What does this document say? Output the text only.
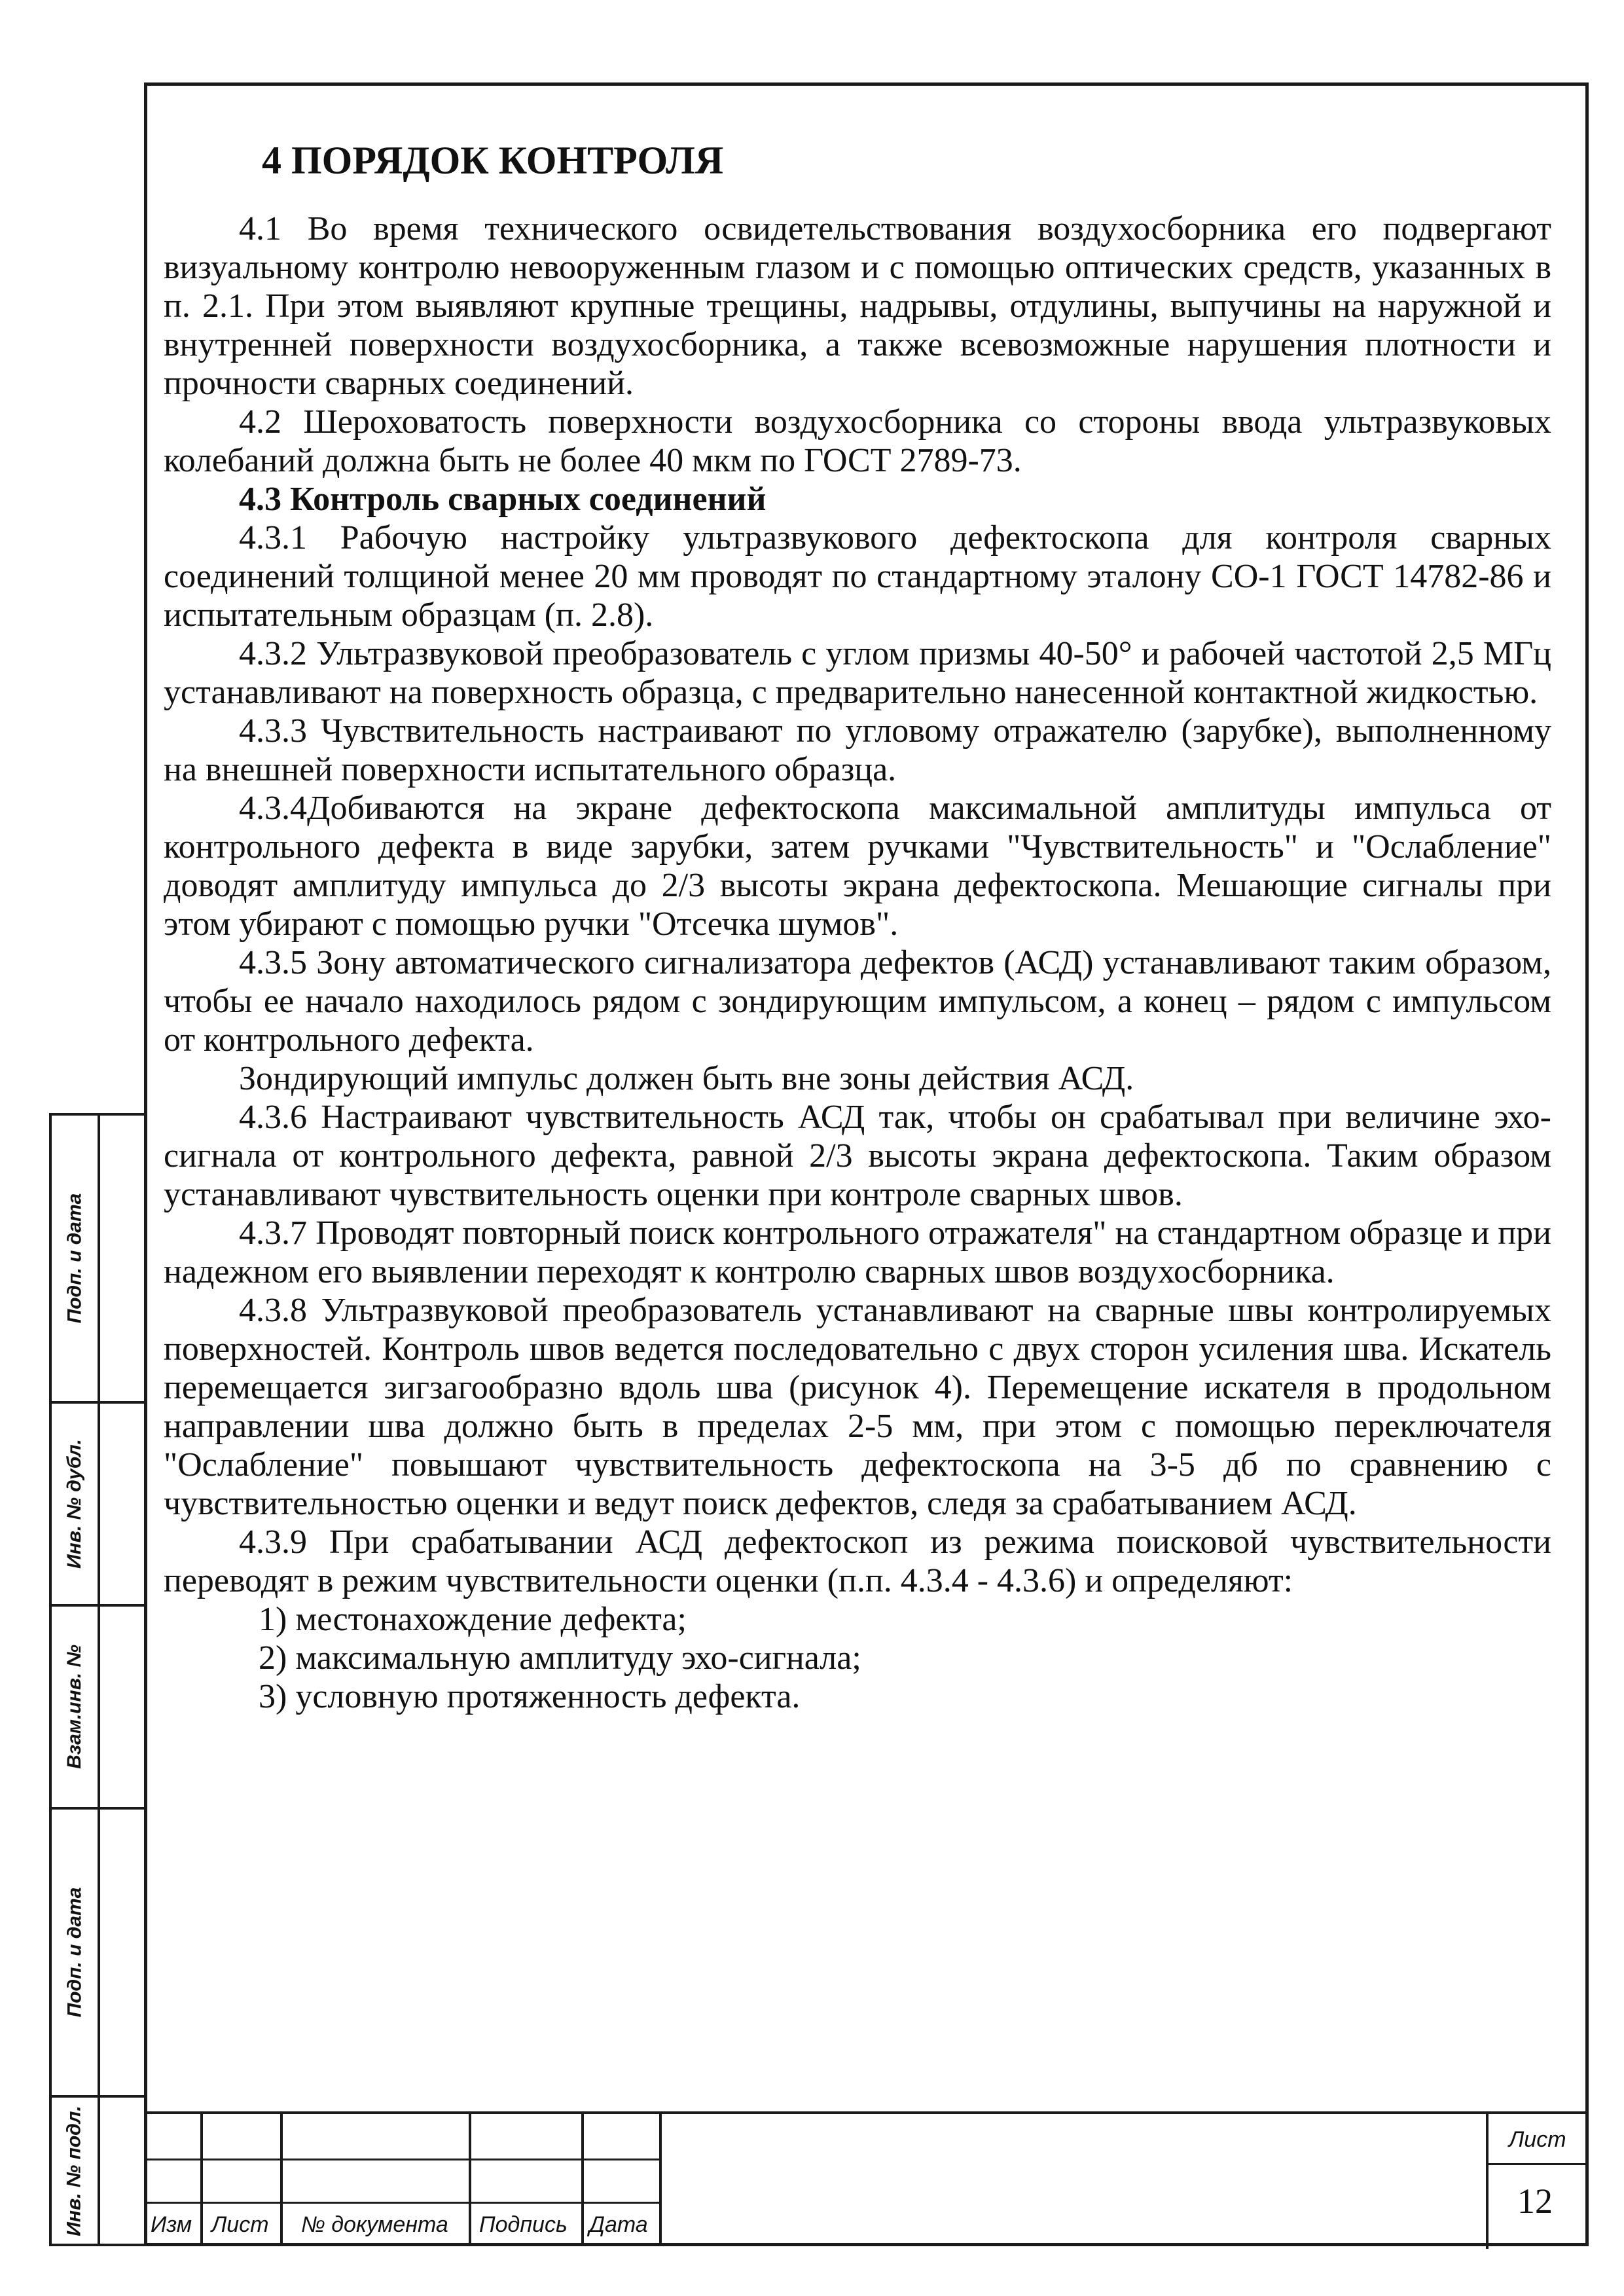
4 ПОРЯДОК КОНТРОЛЯ

4.1 Во время технического освидетельствования воздухосборника его подвергают визуальному контролю невооруженным глазом и с помощью оптических средств, указанных в п. 2.1. При этом выявляют крупные трещины, надрывы, отдулины, выпучины на наружной и внутренней поверхности воздухосборника, а также всевозможные нарушения плотности и прочности сварных соединений.

4.2 Шероховатость поверхности воздухосборника со стороны ввода ультразвуковых колебаний должна быть не более 40 мкм по ГОСТ 2789-73.

4.3 Контроль сварных соединений

4.3.1 Рабочую настройку ультразвукового дефектоскопа для контроля сварных соединений толщиной менее 20 мм проводят по стандартному эталону СО-1 ГОСТ 14782-86 и испытательным образцам (п. 2.8).

4.3.2 Ультразвуковой преобразователь с углом призмы 40-50° и рабочей частотой 2,5 МГц устанавливают на поверхность образца, с предварительно нанесенной контактной жидкостью.

4.3.3 Чувствительность настраивают по угловому отражателю (зарубке), выполненному на внешней поверхности испытательного образца.

4.3.4Добиваются на экране дефектоскопа максимальной амплитуды импульса от контрольного дефекта в виде зарубки, затем ручками "Чувствительность" и "Ослабление" доводят амплитуду импульса до 2/3 высоты экрана дефектоскопа. Мешающие сигналы при этом убирают с помощью ручки "Отсечка шумов".

4.3.5 Зону автоматического сигнализатора дефектов (АСД) устанавливают таким образом, чтобы ее начало находилось рядом с зондирующим импульсом, а конец – рядом с импульсом от контрольного дефекта.

Зондирующий импульс должен быть вне зоны действия АСД.

4.3.6 Настраивают чувствительность АСД так, чтобы он срабатывал при величине эхо-сигнала от контрольного дефекта, равной 2/3 высоты экрана дефектоскопа. Таким образом устанавливают чувствительность оценки при контроле сварных швов.

4.3.7 Проводят повторный поиск контрольного отражателя" на стандартном образце и при надежном его выявлении переходят к контролю сварных швов воздухосборника.

4.3.8 Ультразвуковой преобразователь устанавливают на сварные швы контролируемых поверхностей. Контроль швов ведется последовательно с двух сторон усиления шва. Искатель перемещается зигзагообразно вдоль шва (рисунок 4). Перемещение искателя в продольном направлении шва должно быть в пределах 2-5 мм, при этом с помощью переключателя "Ослабление" повышают чувствительность дефектоскопа на 3-5 дб по сравнению с чувствительностью оценки и ведут поиск дефектов, следя за срабатыванием АСД.

4.3.9 При срабатывании АСД дефектоскоп из режима поисковой чувствительности переводят в режим чувствительности оценки (п.п. 4.3.4 - 4.3.6) и определяют:

1) местонахождение дефекта;

2) максимальную амплитуду эхо-сигнала;

3) условную протяженность дефекта.

Подп. и дата
Инв. № дубл.
Взам.инв. №
Подп. и дата
Инв. № подл.	Изм Лист № документа Подпись Дата
Лист
12
